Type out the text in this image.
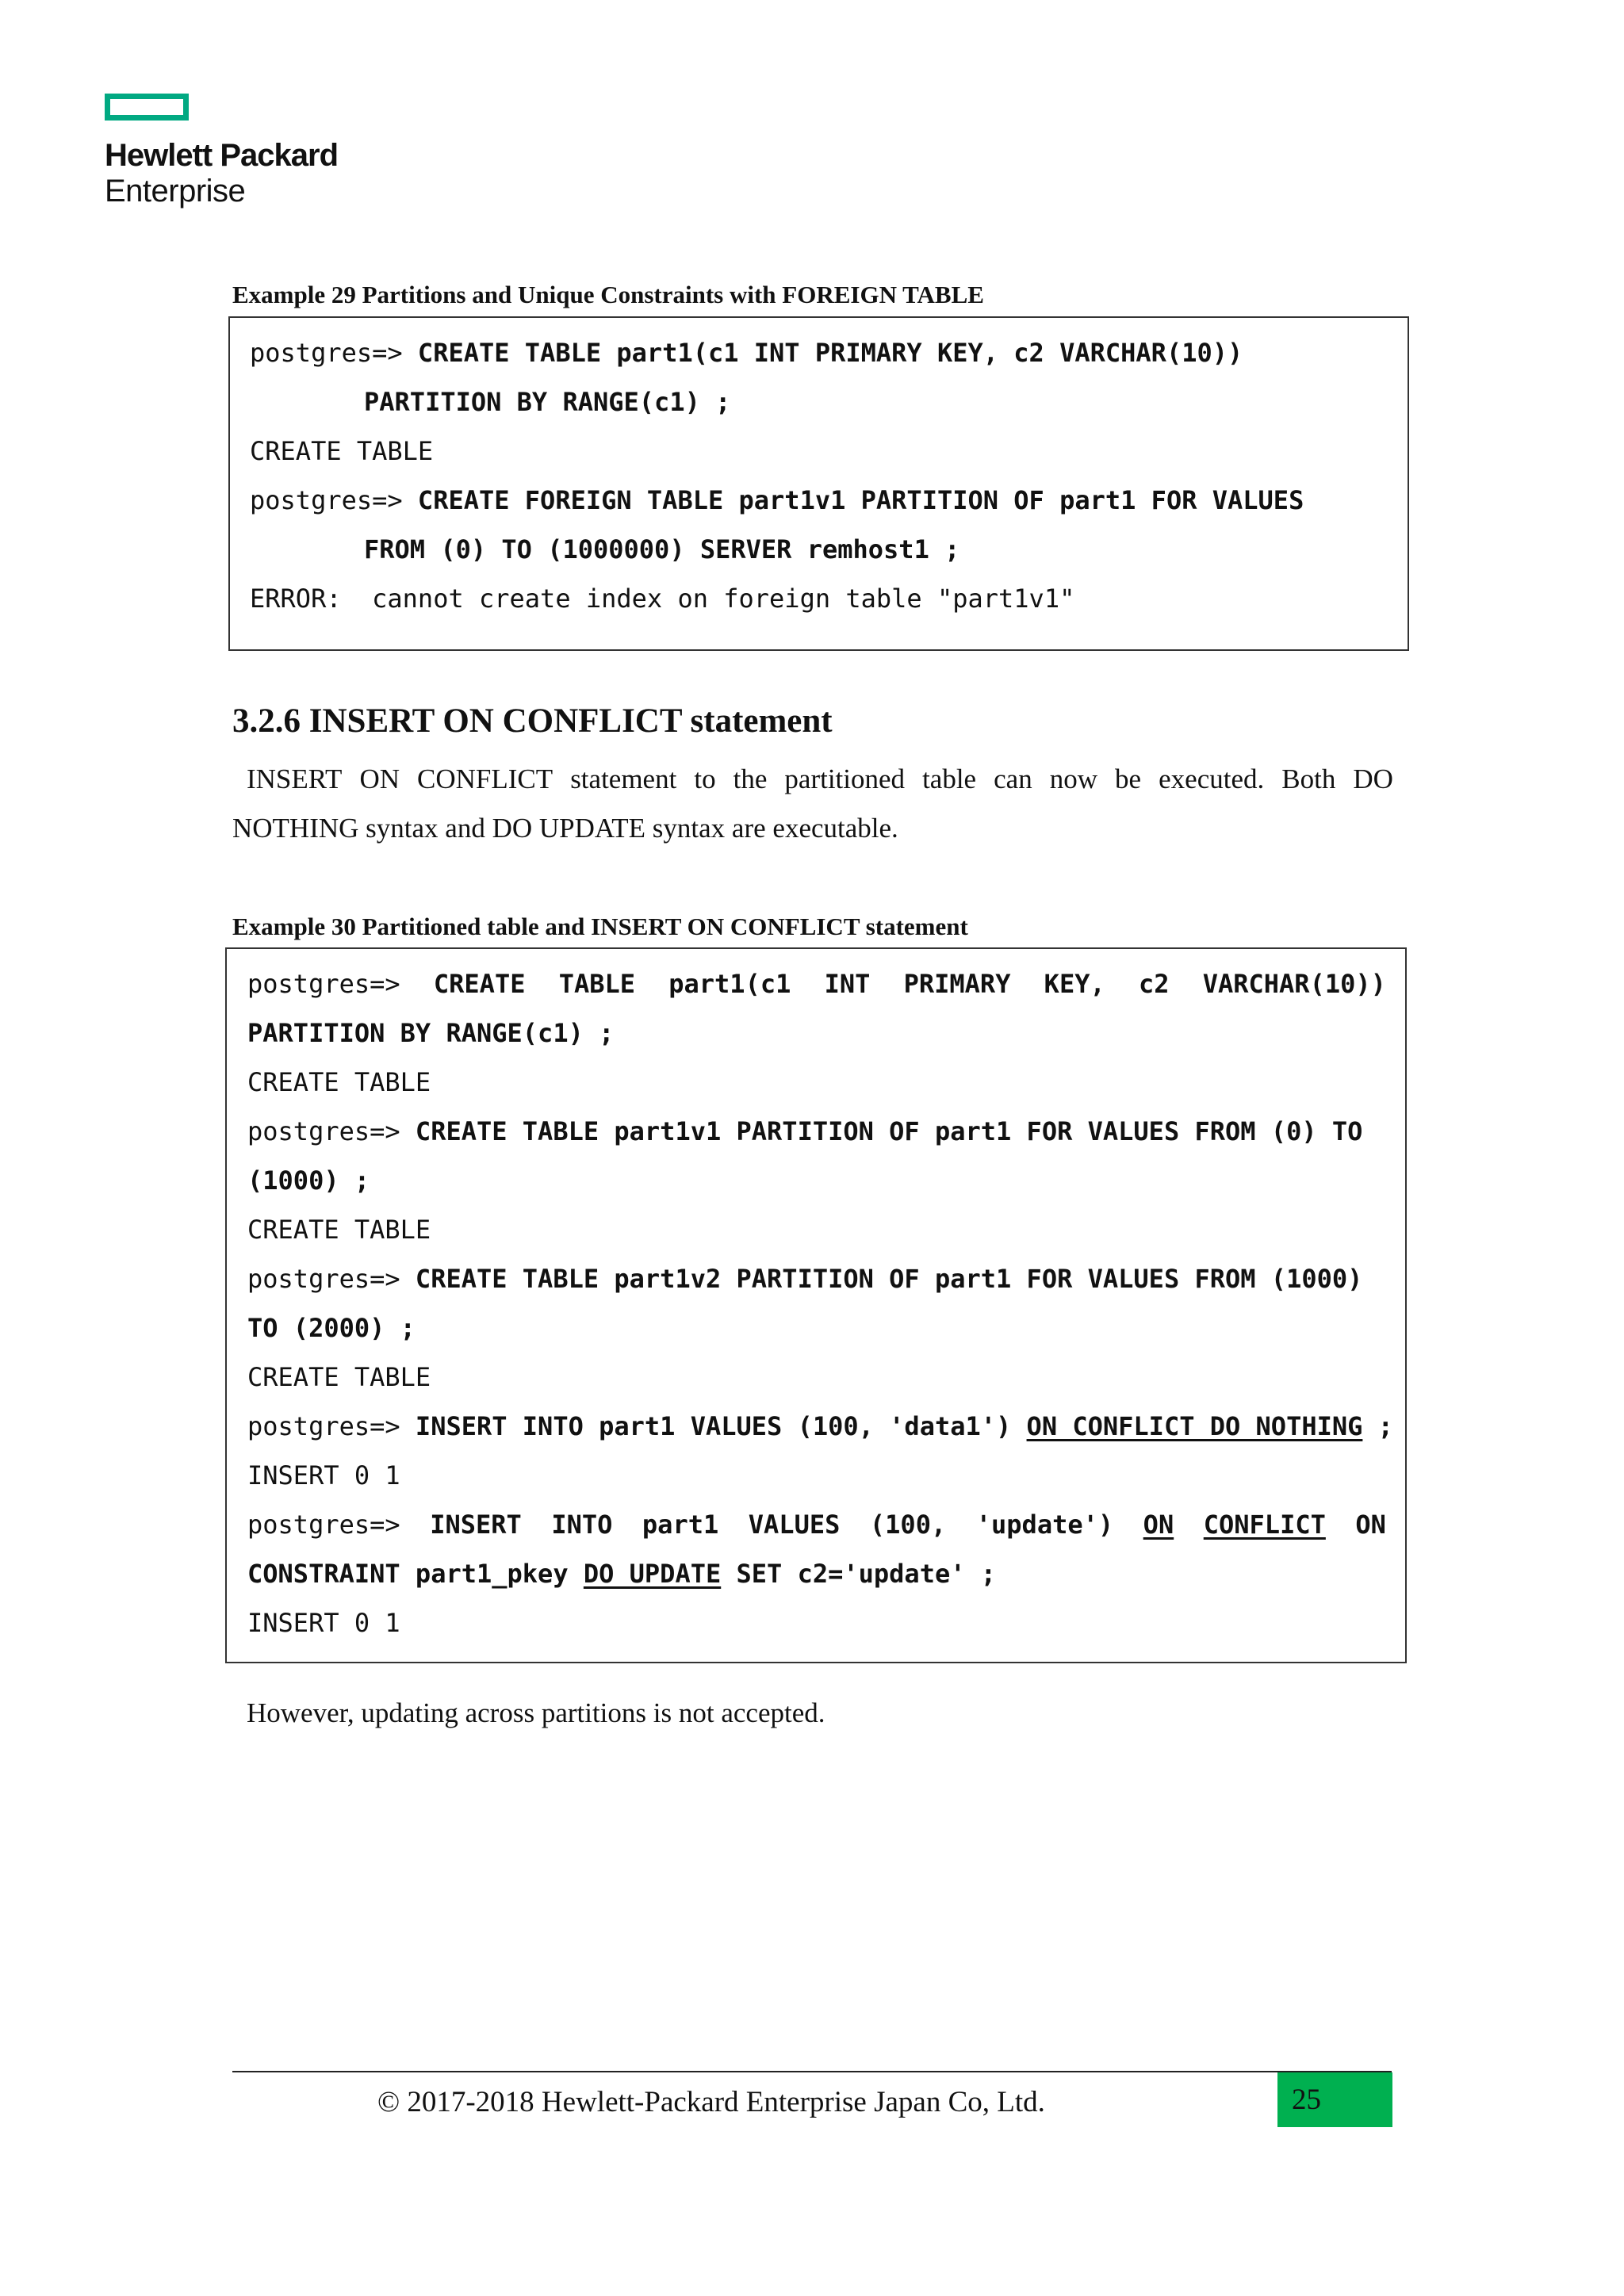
Hewlett Packard
Enterprise
Example 29 Partitions and Unique Constraints with FOREIGN TABLE
postgres=> CREATE TABLE part1(c1 INT PRIMARY KEY, c2 VARCHAR(10))
PARTITION BY RANGE(c1) ;
CREATE TABLE
postgres=> CREATE FOREIGN TABLE part1v1 PARTITION OF part1 FOR VALUES
FROM (0) TO (1000000) SERVER remhost1 ;
ERROR:  cannot create index on foreign table "part1v1"
3.2.6 INSERT ON CONFLICT statement
INSERT ON CONFLICT statement to the partitioned table can now be executed. Both DO
NOTHING syntax and DO UPDATE syntax are executable.
Example 30 Partitioned table and INSERT ON CONFLICT statement
postgres=> CREATE TABLE part1(c1 INT PRIMARY KEY, c2 VARCHAR(10))
PARTITION BY RANGE(c1) ;
CREATE TABLE
postgres=> CREATE TABLE part1v1 PARTITION OF part1 FOR VALUES FROM (0) TO
(1000) ;
CREATE TABLE
postgres=> CREATE TABLE part1v2 PARTITION OF part1 FOR VALUES FROM (1000)
TO (2000) ;
CREATE TABLE
postgres=> INSERT INTO part1 VALUES (100, 'data1') ON CONFLICT DO NOTHING ;
INSERT 0 1
postgres=> INSERT INTO part1 VALUES (100, 'update') ON CONFLICT ON
CONSTRAINT part1_pkey DO UPDATE SET c2='update' ;
INSERT 0 1
However, updating across partitions is not accepted.
© 2017-2018 Hewlett-Packard Enterprise Japan Co, Ltd.	25
